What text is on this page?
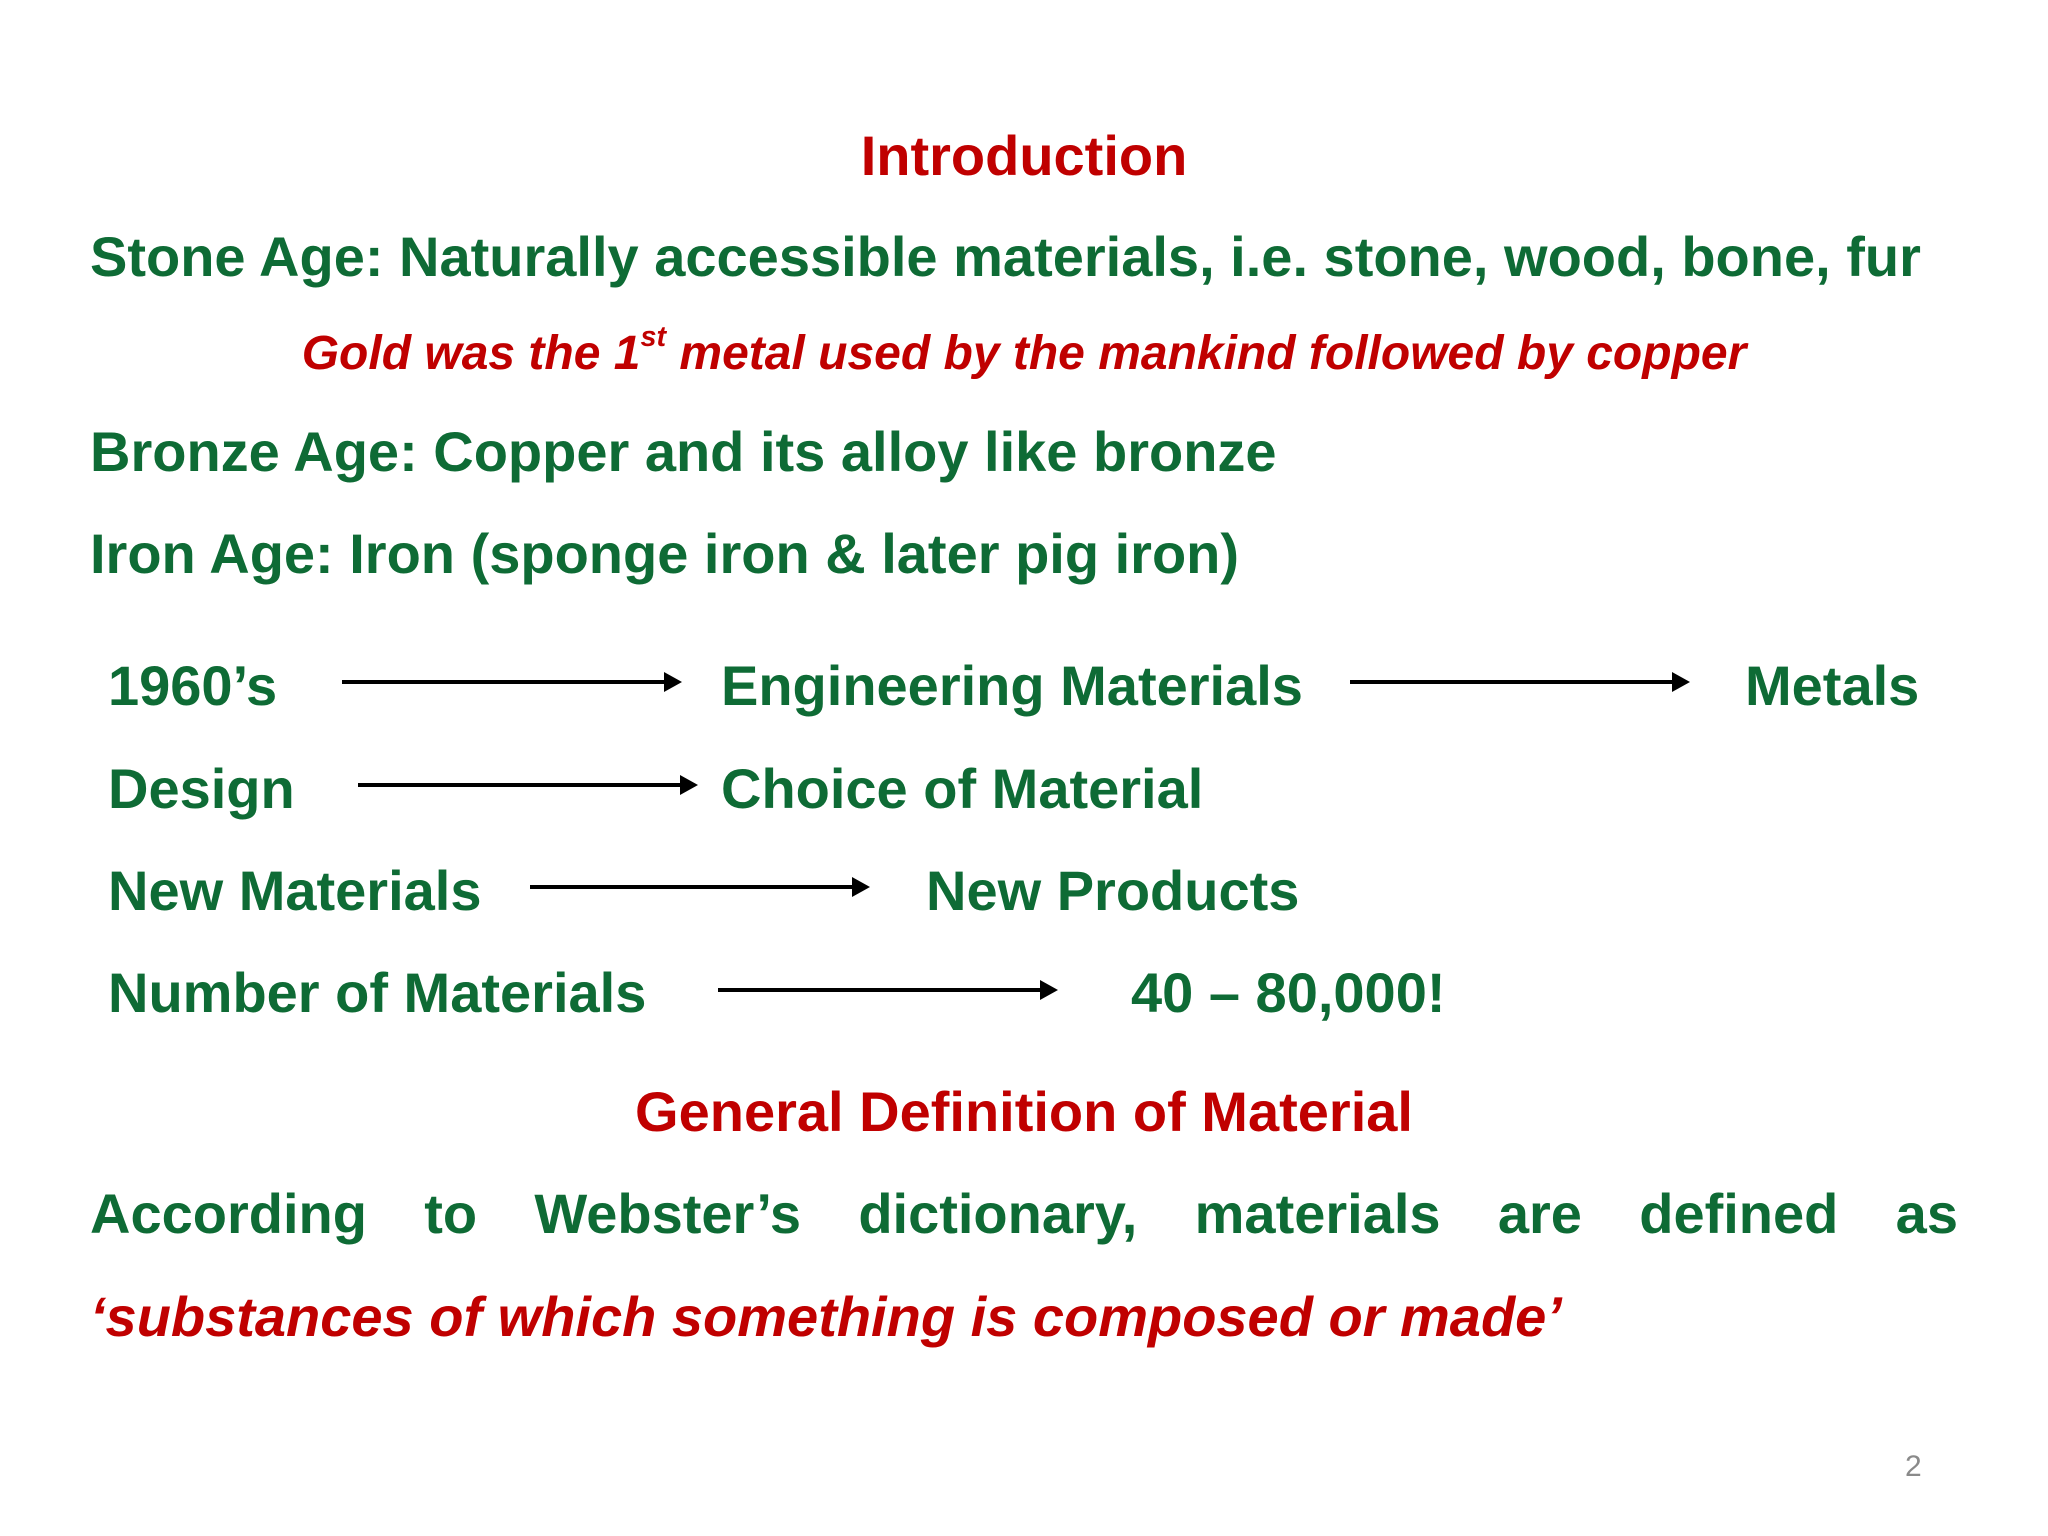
Introduction
Stone Age: Naturally accessible materials, i.e. stone, wood, bone, fur
Gold was the 1st metal used by the mankind followed by copper
Bronze Age: Copper and its alloy like bronze
Iron Age: Iron (sponge iron & later pig iron)
1960’s	Engineering Materials	Metals
Design	Choice of Material
New Materials	New Products
Number of Materials	40 – 80,000!
General Definition of Material
According to Webster’s dictionary, materials are defined as
‘substances of which something is composed or made’
2
